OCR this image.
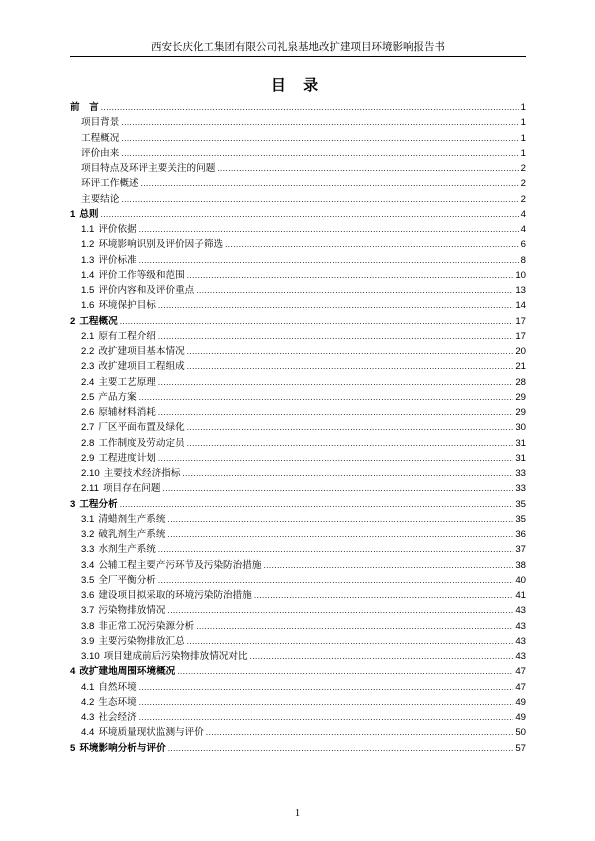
西安长庆化工集团有限公司礼泉基地改扩建项目环境影响报告书
目 录
前　言 .....	1
项目背景 .....	1
工程概况 .....	1
评价由来 .....	1
项目特点及环评主要关注的问题 .....	2
环评工作概述 .....	2
主要结论 .....	2
1 总则 .....	4
1.1 评价依据 .....	4
1.2 环境影响识别及评价因子筛选 .....	6
1.3 评价标准 .....	8
1.4 评价工作等级和范围 .....	10
1.5 评价内容和及评价重点 .....	13
1.6 环境保护目标 .....	14
2 工程概况 .....	17
2.1 原有工程介绍 .....	17
2.2 改扩建项目基本情况 .....	20
2.3 改扩建项目工程组成 .....	21
2.4 主要工艺原理 .....	28
2.5 产品方案 .....	29
2.6 原辅材料消耗 .....	29
2.7 厂区平面布置及绿化 .....	30
2.8 工作制度及劳动定员 .....	31
2.9 工程进度计划 .....	31
2.10 主要技术经济指标 .....	33
2.11 项目存在问题 .....	33
3 工程分析 .....	35
3.1 清蜡剂生产系统 .....	35
3.2 破乳剂生产系统 .....	36
3.3 水剂生产系统 .....	37
3.4 公辅工程主要产污环节及污染防治措施 .....	38
3.5 全厂平衡分析 .....	40
3.6 建设项目拟采取的环境污染防治措施 .....	41
3.7 污染物排放情况 .....	43
3.8 非正常工况污染源分析 .....	43
3.9 主要污染物排放汇总 .....	43
3.10 项目建成前后污染物排放情况对比 .....	43
4 改扩建地周围环境概况 .....	47
4.1 自然环境 .....	47
4.2 生态环境 .....	49
4.3 社会经济 .....	49
4.4 环境质量现状监测与评价 .....	50
5 环境影响分析与评价 .....	57
1
